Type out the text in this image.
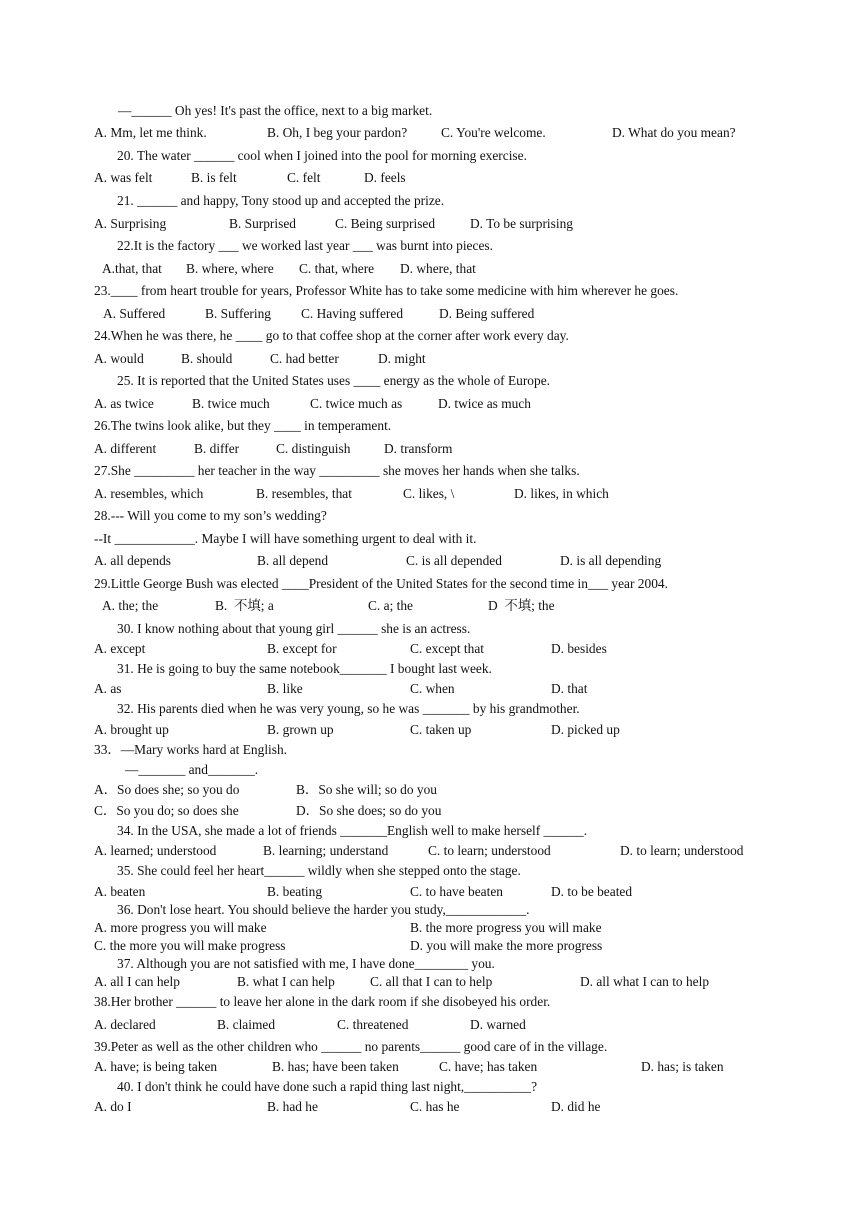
—______ Oh yes! It's past the office, next to a big market.
A. Mm, let me think.	B. Oh, I beg your pardon?	C. You're welcome.	D. What do you mean?
20. The water ______ cool when I joined into the pool for morning exercise.
A. was felt	B. is felt	C. felt	D. feels
21. ______ and happy, Tony stood up and accepted the prize.
A. Surprising	B. Surprised	C. Being surprised	D. To be surprising
22.It is the factory ___ we worked last year ___ was burnt into pieces.
A.that, that B. where, where C. that, where D. where, that
23.____ from heart trouble for years, Professor White has to take some medicine with him wherever he goes.
A. Suffered	B. Suffering C. Having suffered	D. Being suffered
24.When he was there, he ____ go to that coffee shop at the corner after work every day.
A. would	B. should	C. had better	D. might
25. It is reported that the United States uses ____ energy as the whole of Europe.
A. as twice	B. twice much	C. twice much as	D. twice as much
26.The twins look alike, but they ____ in temperament.
A. different	B. differ	C. distinguish	D. transform
27.She _________ her teacher in the way _________ she moves her hands when she talks.
A. resembles, which	B. resembles, that	C. likes, \	D. likes, in which
28.--- Will you come to my son’s wedding?
--It ____________. Maybe I will have something urgent to deal with it.
A. all depends	B. all depend	C. is all depended	D. is all depending
29.Little George Bush was elected ____President of the United States for the second time in___ year 2004.
A. the; the	B.  不填; a	C. a; the	D  不填; the
30. I know nothing about that young girl ______ she is an actress.
A. except	B. except for	C. except that	D. besides
31. He is going to buy the same notebook_______ I bought last week.
A. as	B. like	C. when	D. that
32. His parents died when he was very young, so he was _______ by his grandmother.
A. brought up	B. grown up	C. taken up	D. picked up
33．—Mary works hard at English.
—_______ and_______.
A．So does she; so you do	B．So she will; so do you
C．So you do; so does she	D．So she does; so do you
34. In the USA, she made a lot of friends _______English well to make herself ______.
A. learned; understood	B. learning; understand	C. to learn; understood	D. to learn; understood
35. She could feel her heart______ wildly when she stepped onto the stage.
A. beaten	B. beating	C. to have beaten	D. to be beated
36. Don't lose heart. You should believe the harder you study,____________.
A. more progress you will make	B. the more progress you will make
C. the more you will make progress	D. you will make the more progress
37. Although you are not satisfied with me, I have done________ you.
A. all I can help	B. what I can help	C. all that I can to help	D. all what I can to help
38.Her brother ______ to leave her alone in the dark room if she disobeyed his order.
A. declared	B. claimed	C. threatened	D. warned
39.Peter as well as the other children who ______ no parents______ good care of in the village.
A. have; is being taken	B. has; have been taken	C. have; has taken	D. has; is taken
40. I don't think he could have done such a rapid thing last night,__________?
A. do I	B. had he	C. has he	D. did he
